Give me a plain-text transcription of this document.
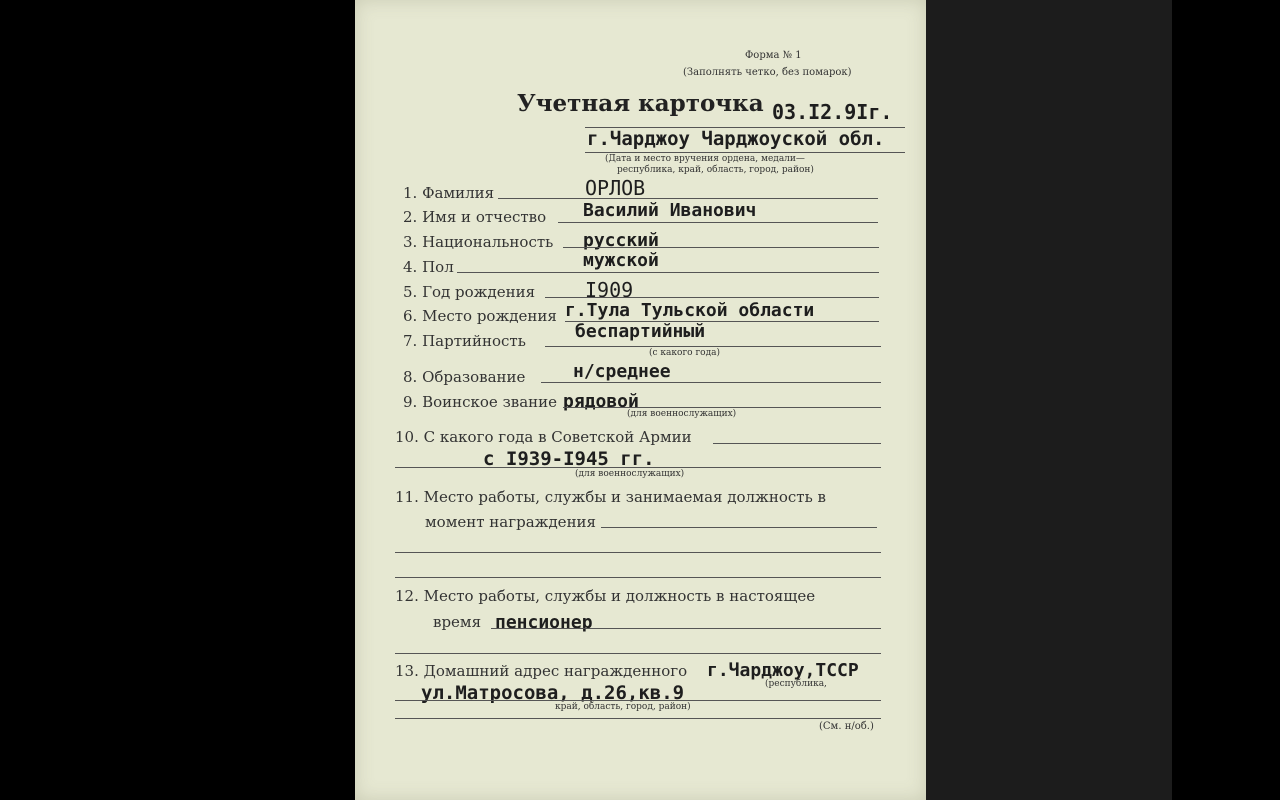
Форма № 1
(Заполнять четко, без помарок)
Учетная карточка 03.I2.9Iг.
г.Чарджоу Чарджоуской обл.
(Дата и место вручения ордена, медали—
республика, край, область, город, район)
1. Фамилия	ОРЛОВ
2. Имя и отчество Василий Иванович
3. Национальность русский
4. Пол	мужской
5. Год рождения I909
6. Место рождения г.Тула Тульской области
7. Партийность	беспартийный
(с какого года)
8. Образование	н/среднее
9. Воинское звание рядовой
(для военнослужащих)
10. С какого года в Советской Армии
с I939-I945 гг.
(для военнослужащих)
11. Место работы, службы и занимаемая должность в
момент награждения
12. Место работы, службы и должность в настоящее
время пенсионер
13. Домашний адрес награжденного г.Чарджоу,ТССР
(республика,
ул.Матросова, д.26,кв.9
край, область, город, район)
(См. н/об.)
